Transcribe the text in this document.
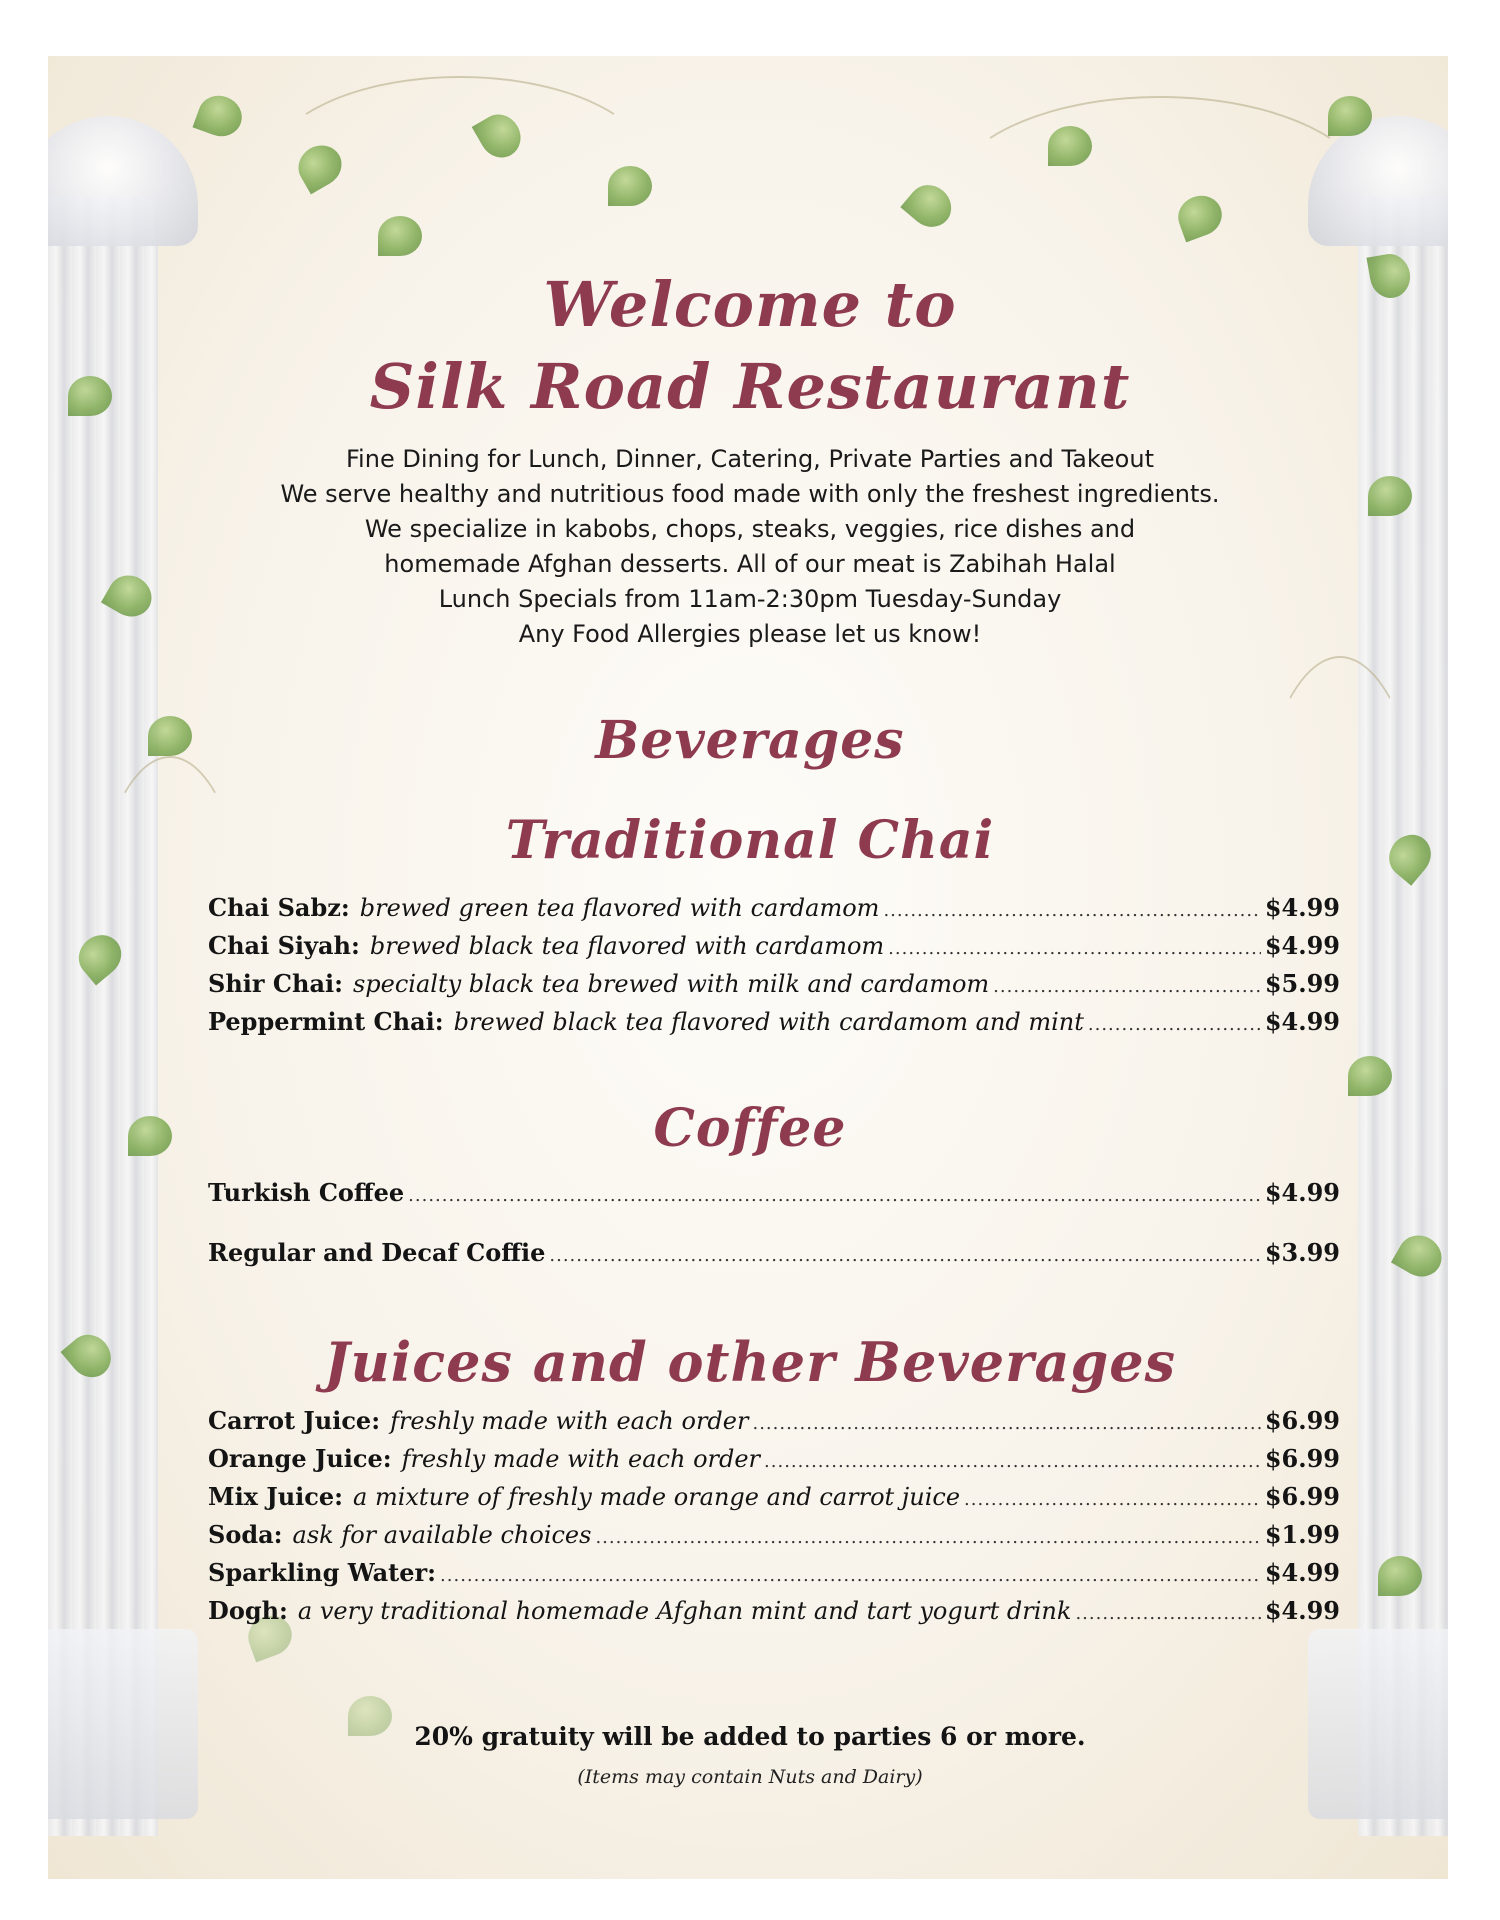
Welcome to
Silk Road Restaurant
Fine Dining for Lunch, Dinner, Catering, Private Parties and Takeout
We serve healthy and nutritious food made with only the freshest ingredients.
We specialize in kabobs, chops, steaks, veggies, rice dishes and
homemade Afghan desserts. All of our meat is Zabihah Halal
Lunch Specials from 11am-2:30pm Tuesday-Sunday
Any Food Allergies please let us know!
Beverages
Traditional Chai
Chai Sabz: brewed green tea flavored with cardamom .....	$4.99
Chai Siyah: brewed black tea flavored with cardamom .....	$4.99
Shir Chai: specialty black tea brewed with milk and cardamom .....	$5.99
Peppermint Chai: brewed black tea flavored with cardamom and mint .....	$4.99
Coffee
Turkish Coffee .....	$4.99
Regular and Decaf Coffie .....	$3.99
Juices and other Beverages
Carrot Juice: freshly made with each order .....	$6.99
Orange Juice: freshly made with each order .....	$6.99
Mix Juice: a mixture of freshly made orange and carrot juice .....	$6.99
Soda: ask for available choices .....	$1.99
Sparkling Water: .....	$4.99
Dogh: a very traditional homemade Afghan mint and tart yogurt drink .....	$4.99
20% gratuity will be added to parties 6 or more.
(Items may contain Nuts and Dairy)
